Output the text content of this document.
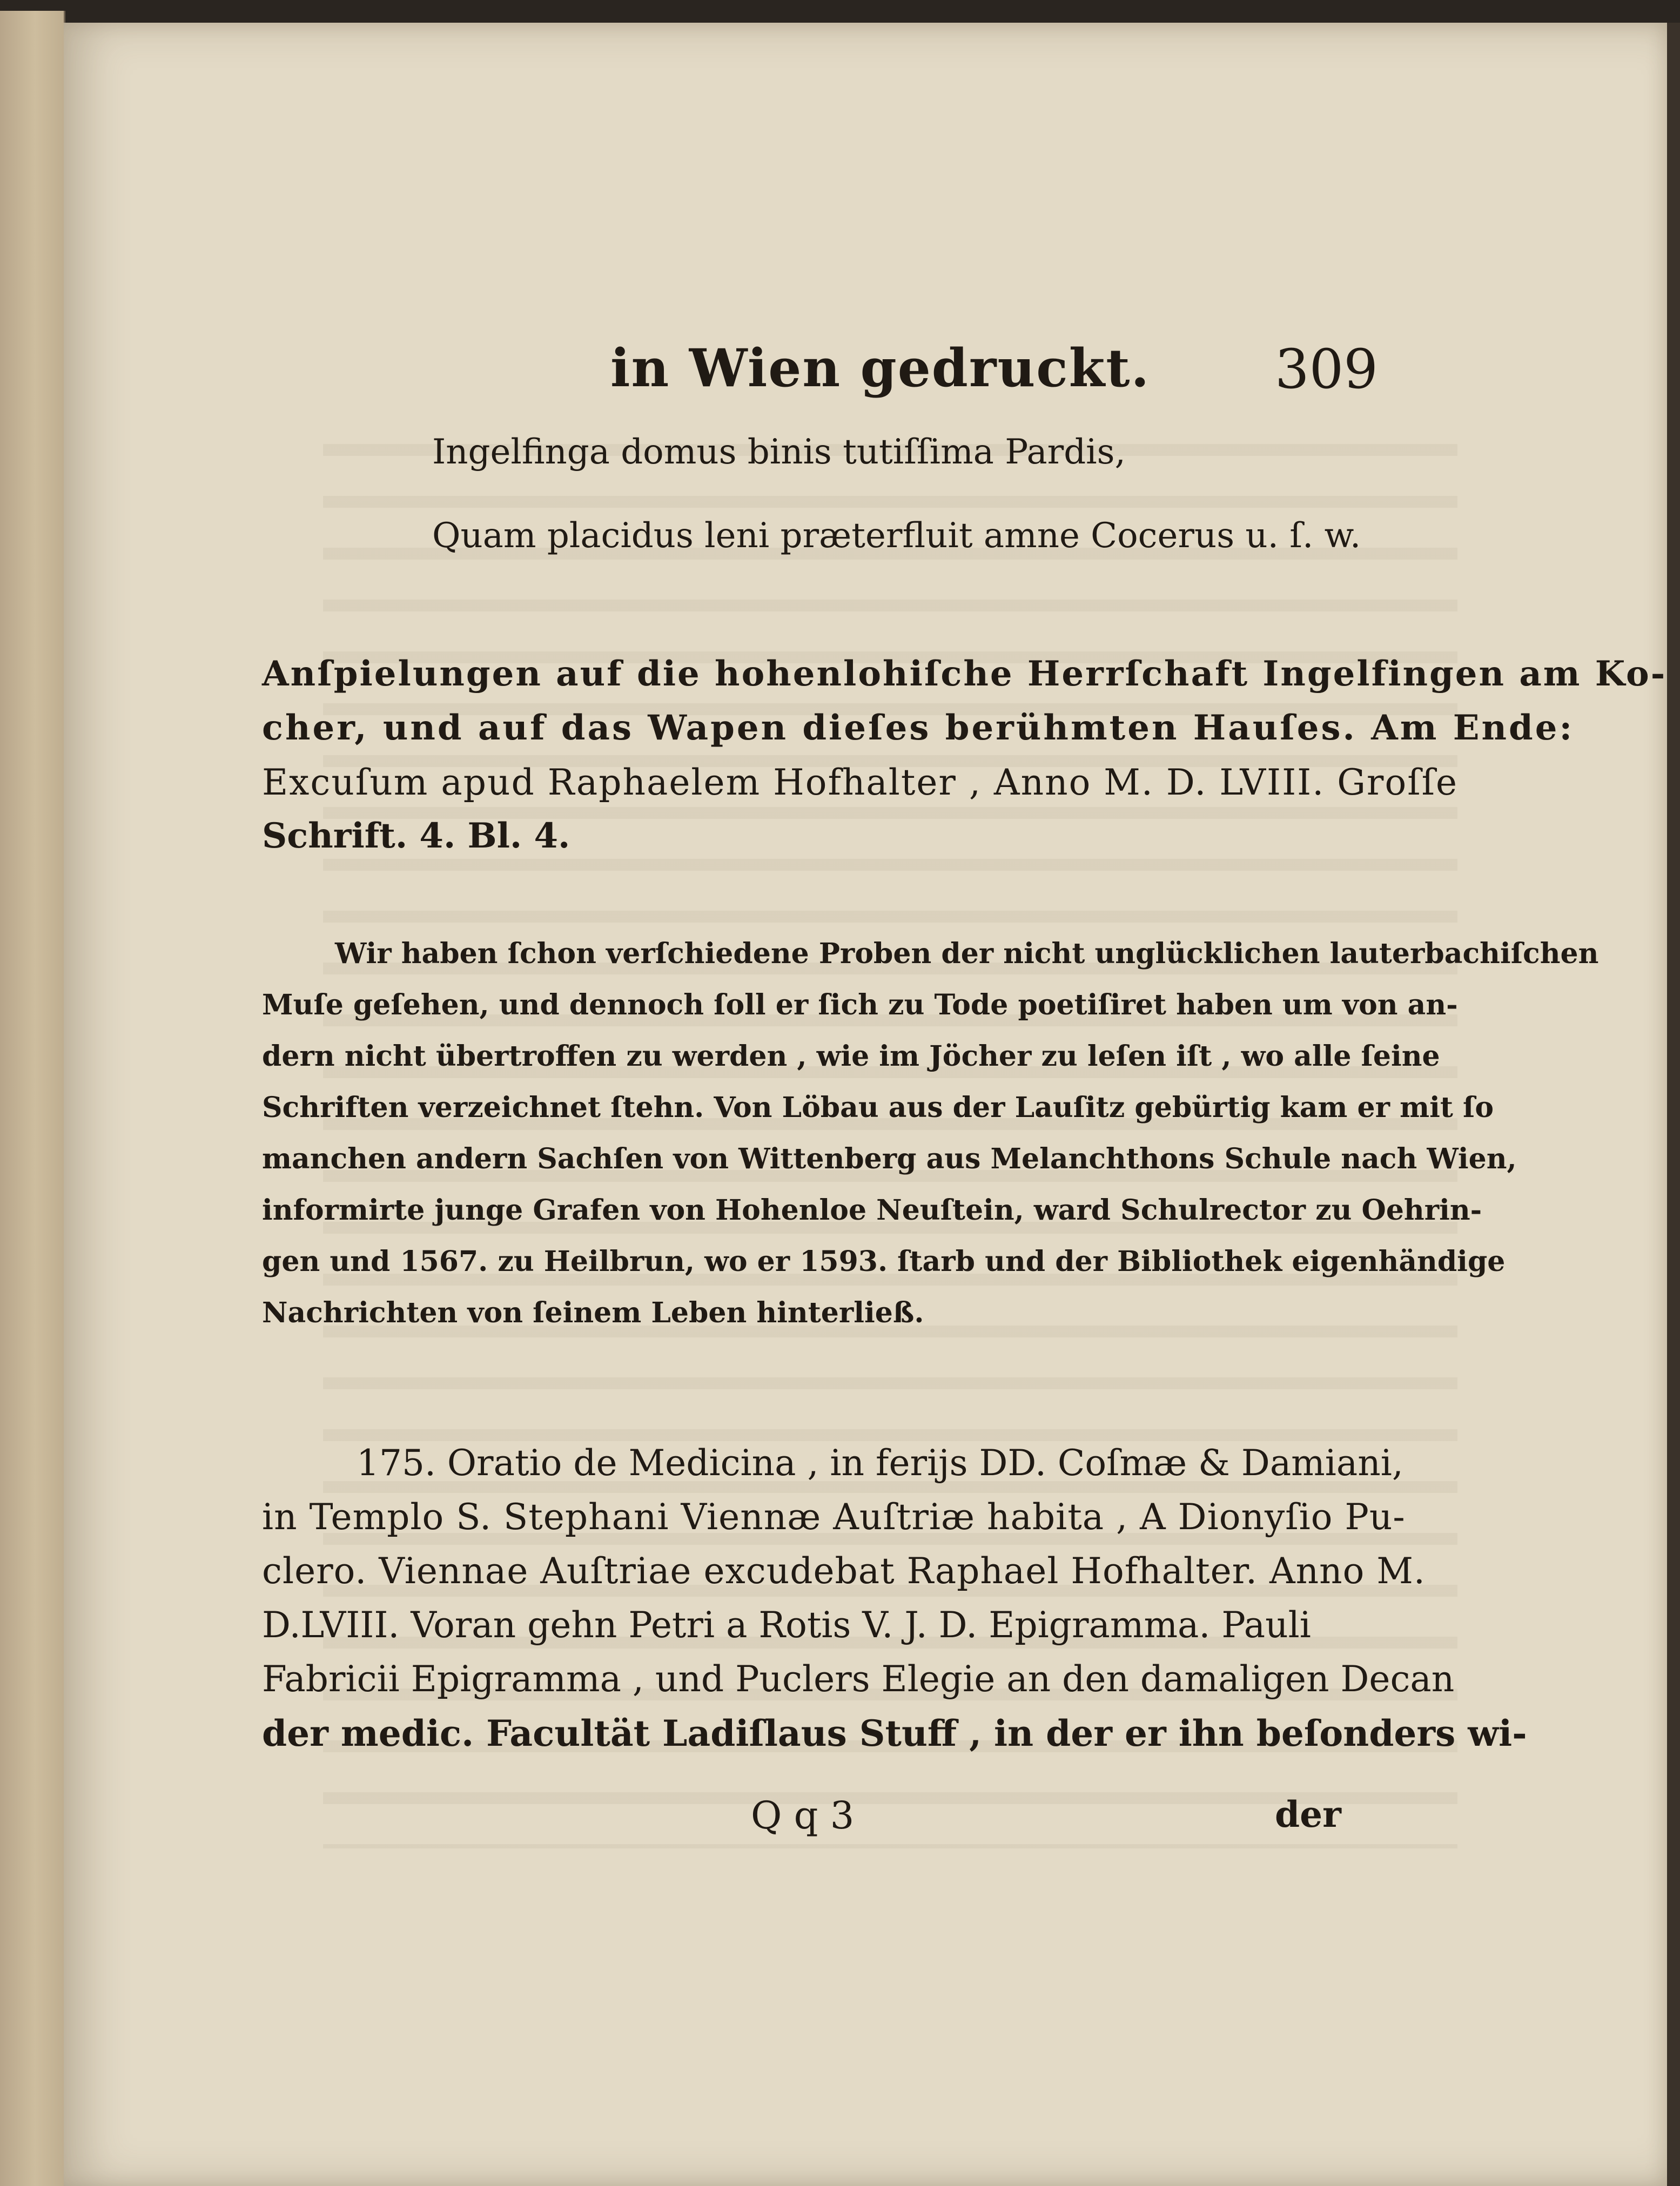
in Wien gedruckt. 309
Ingelfinga domus binis tutiſſima Pardis,
Quam placidus leni præterfluit amne Cocerus u. ſ. w.
Anſpielungen auf die hohenlohiſche Herrſchaft Ingelfingen am Ko-
cher, und auf das Wapen dieſes berühmten Hauſes. Am Ende:
Excuſum apud Raphaelem Hofhalter , Anno M. D. LVIII. Groſſe
Schrift. 4. Bl. 4.
Wir haben ſchon verſchiedene Proben der nicht unglücklichen lauterbachiſchen
Muſe geſehen, und dennoch ſoll er ſich zu Tode poetiſiret haben um von an-
dern nicht übertroffen zu werden , wie im Jöcher zu leſen iſt , wo alle ſeine
Schriften verzeichnet ſtehn. Von Löbau aus der Lauſitz gebürtig kam er mit ſo
manchen andern Sachſen von Wittenberg aus Melanchthons Schule nach Wien,
informirte junge Grafen von Hohenloe Neuſtein, ward Schulrector zu Oehrin-
gen und 1567. zu Heilbrun, wo er 1593. ſtarb und der Bibliothek eigenhändige
Nachrichten von ſeinem Leben hinterließ.
175. Oratio de Medicina , in ferijs DD. Coſmæ & Damiani,
in Templo S. Stephani Viennæ Auſtriæ habita , A Dionyſio Pu-
clero. Viennae Auſtriae excudebat Raphael Hofhalter. Anno M.
D.LVIII. Voran gehn Petri a Rotis V. J. D. Epigramma. Pauli
Fabricii Epigramma , und Puclers Elegie an den damaligen Decan
der medic. Facultät Ladiſlaus Stuff , in der er ihn beſonders wi-
Q q 3	der
